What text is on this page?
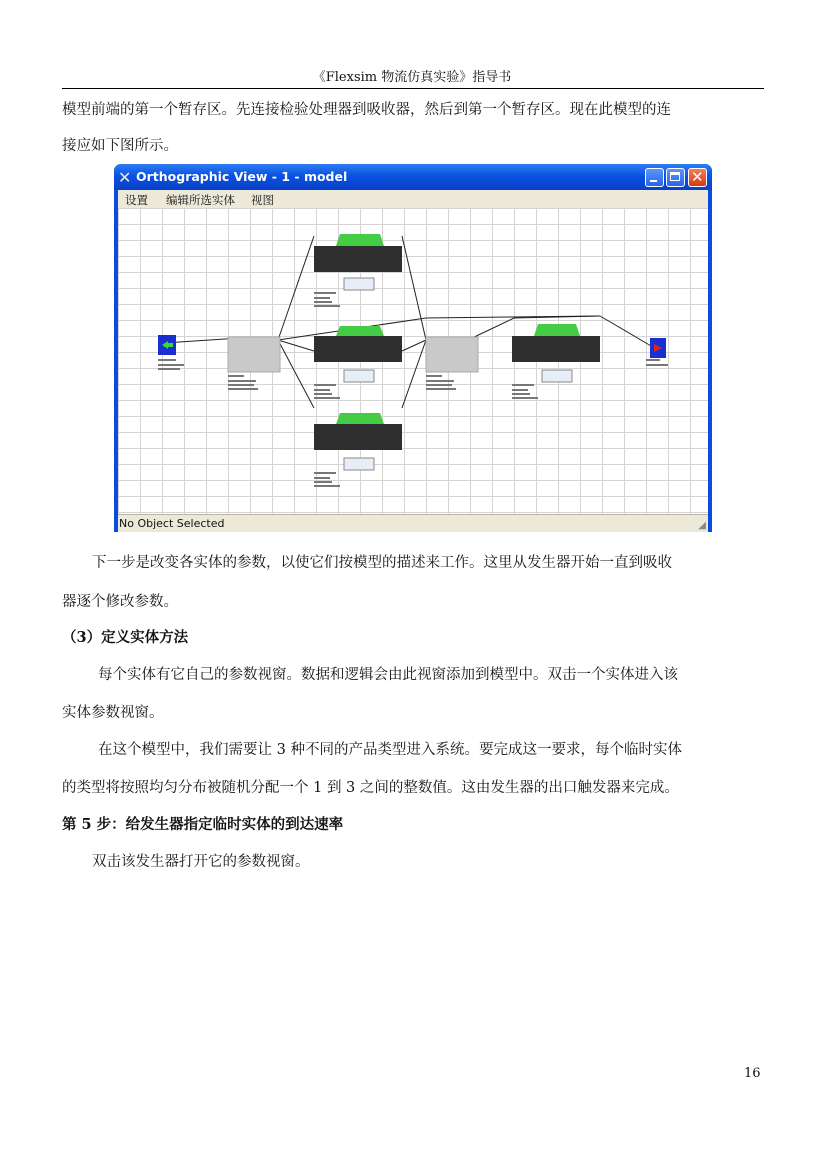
《Flexsim 物流仿真实验》指导书
模型前端的第一个暂存区。先连接检验处理器到吸收器，然后到第一个暂存区。现在此模型的连
接应如下图所示。
✕ Orthographic View - 1 - model	✕
设置 编辑所选实体 视图
No Object Selected	◢
下一步是改变各实体的参数，以使它们按模型的描述来工作。这里从发生器开始一直到吸收
器逐个修改参数。
（3）定义实体方法
每个实体有它自己的参数视窗。数据和逻辑会由此视窗添加到模型中。双击一个实体进入该
实体参数视窗。
在这个模型中，我们需要让 3 种不同的产品类型进入系统。要完成这一要求，每个临时实体
的类型将按照均匀分布被随机分配一个 1 到 3 之间的整数值。这由发生器的出口触发器来完成。
第 5 步：给发生器指定临时实体的到达速率
双击该发生器打开它的参数视窗。
16
